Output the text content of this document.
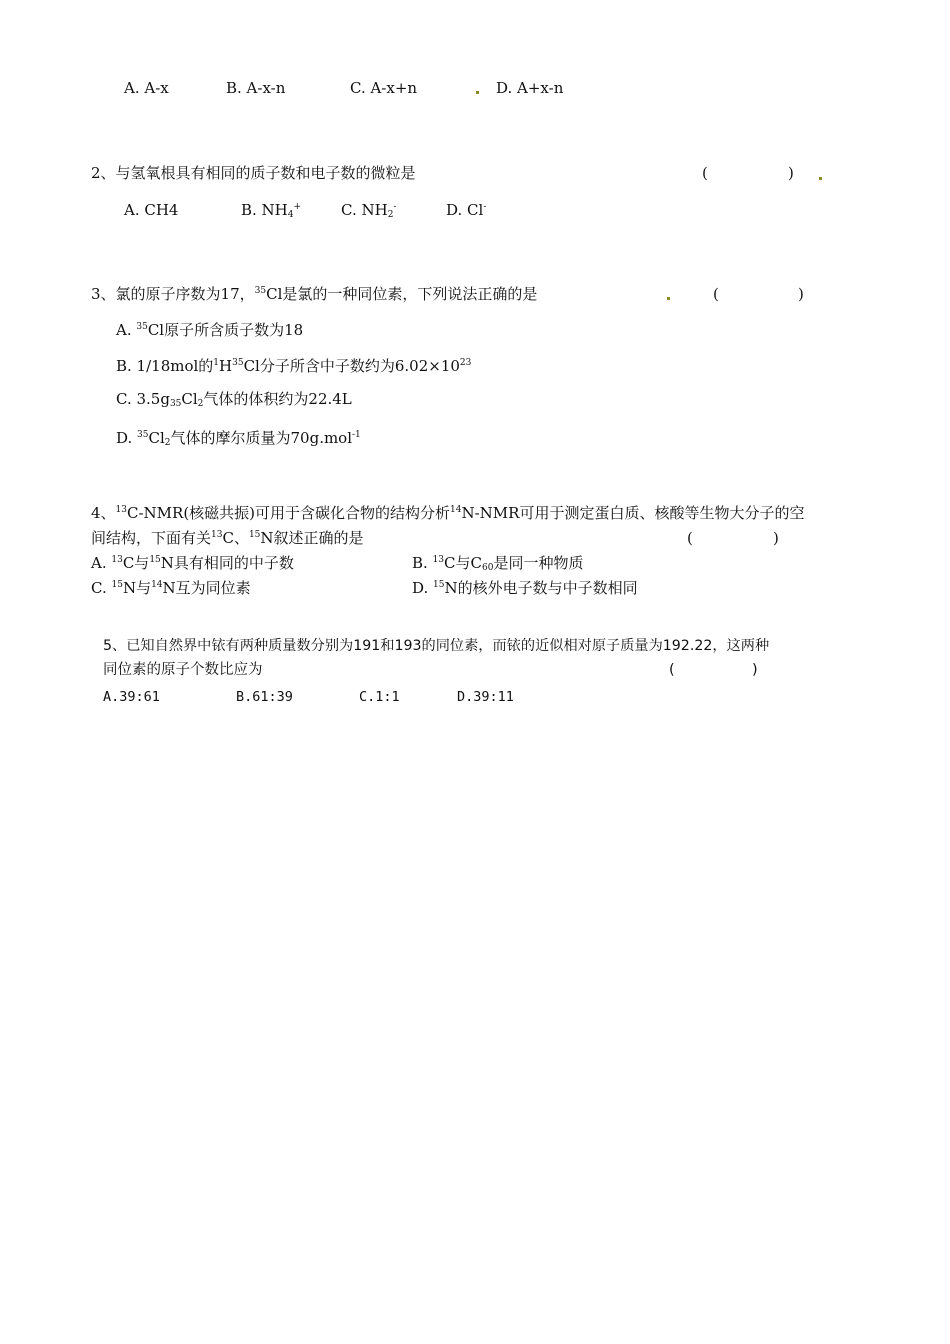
A. A-x	B. A-x-n	C. A-x+n	D. A+x-n
2、与氢氧根具有相同的质子数和电子数的微粒是	(	)
A. CH4	B. $NH_4^+$	C. $NH_2^-$	D. Cl-
3、氯的原子序数为17，$^{35}$Cl是氯的一种同位素，下列说法正确的是	(	)
A. $^{35}$Cl原子所含质子数为18
B. 1/18mol的$^1H^{35}Cl$分子所含中子数约为$6.02\times 10^{23}$
C. $3.5g_{35}Cl_2$气体的体积约为22.4L
D. $^{35}Cl_2$气体的摩尔质量为70g.mol$^{-1}$
4、$^{13}$C-NMR(核磁共振)可用于含碳化合物的结构分析$^{14}$N-NMR可用于测定蛋白质、核酸等生物大分子的空
间结构，下面有关$^{13}$C、$^{15}$N叙述正确的是	(	)
A. $^{13}$C与$^{15}$N具有相同的中子数	B. $^{13}$C与$C_{60}$是同一种物质
C. $^{15}$N与$^{14}$N互为同位素	D. $^{15}$N的核外电子数与中子数相同
5、已知自然界中铱有两种质量数分别为191和193的同位素，而铱的近似相对原子质量为192.22，这两种
同位素的原子个数比应为	(	)
A.39:61	B.61:39	C.1:1	D.39:11
